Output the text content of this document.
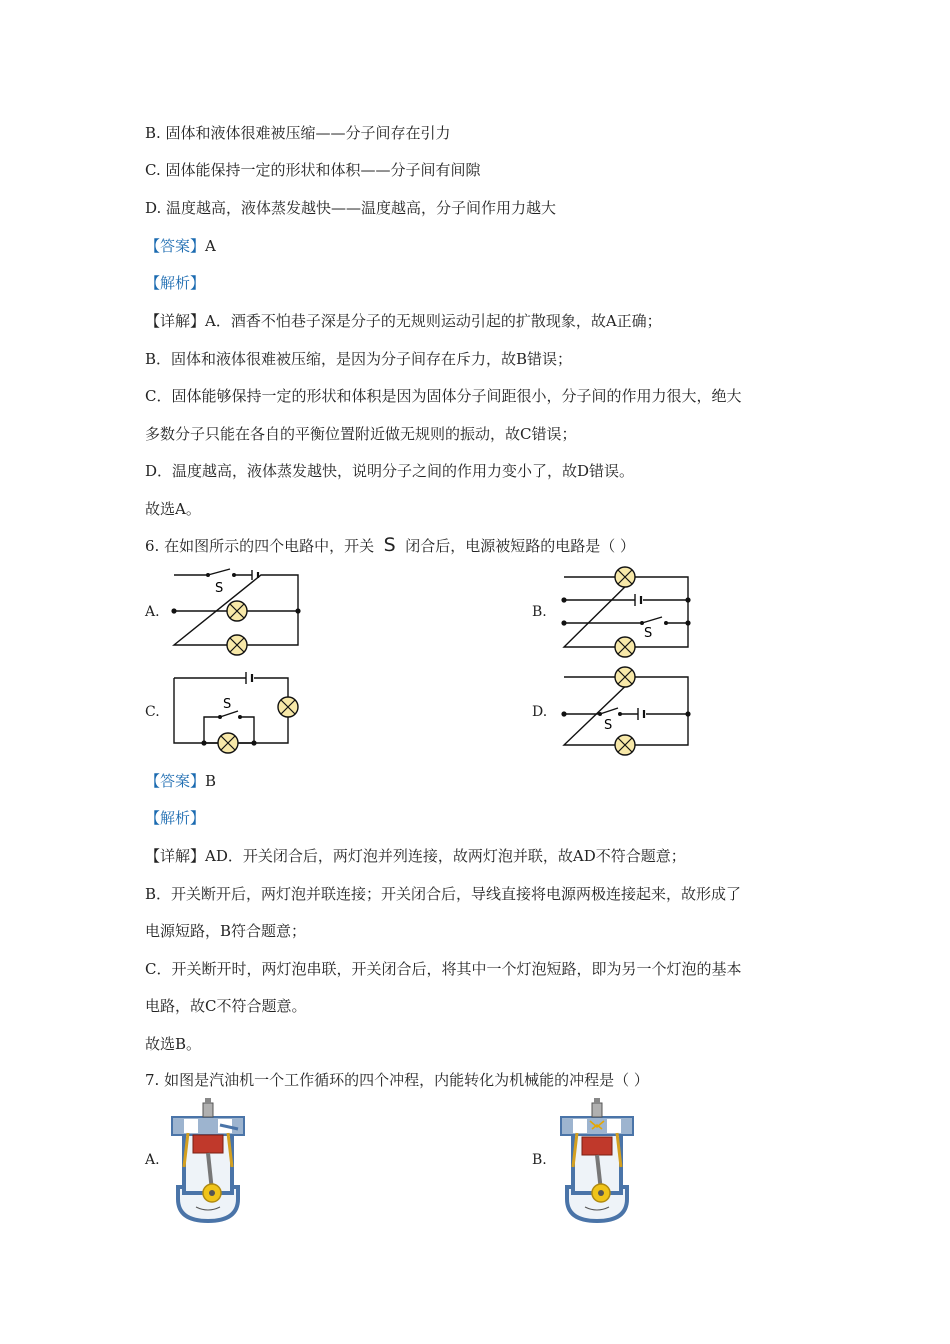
B. 固体和液体很难被压缩——分子间存在引力
C. 固体能保持一定的形状和体积——分子间有间隙
D. 温度越高，液体蒸发越快——温度越高，分子间作用力越大
【答案】A
【解析】
【详解】A．酒香不怕巷子深是分子的无规则运动引起的扩散现象，故A正确；
B．固体和液体很难被压缩，是因为分子间存在斥力，故B错误；
C．固体能够保持一定的形状和体积是因为固体分子间距很小，分子间的作用力很大，绝大
多数分子只能在各自的平衡位置附近做无规则的振动，故C错误；
D．温度越高，液体蒸发越快，说明分子之间的作用力变小了，故D错误。
故选A。
6. 在如图所示的四个电路中，开关 S 闭合后，电源被短路的电路是（ ）
A.	B.
C.	D.
S
S
S
S
【答案】B
【解析】
【详解】AD．开关闭合后，两灯泡并列连接，故两灯泡并联，故AD不符合题意；
B．开关断开后，两灯泡并联连接；开关闭合后，导线直接将电源两极连接起来，故形成了
电源短路，B符合题意；
C．开关断开时，两灯泡串联，开关闭合后，将其中一个灯泡短路，即为另一个灯泡的基本
电路，故C不符合题意。
故选B。
7. 如图是汽油机一个工作循环的四个冲程，内能转化为机械能的冲程是（ ）
A.	B.
